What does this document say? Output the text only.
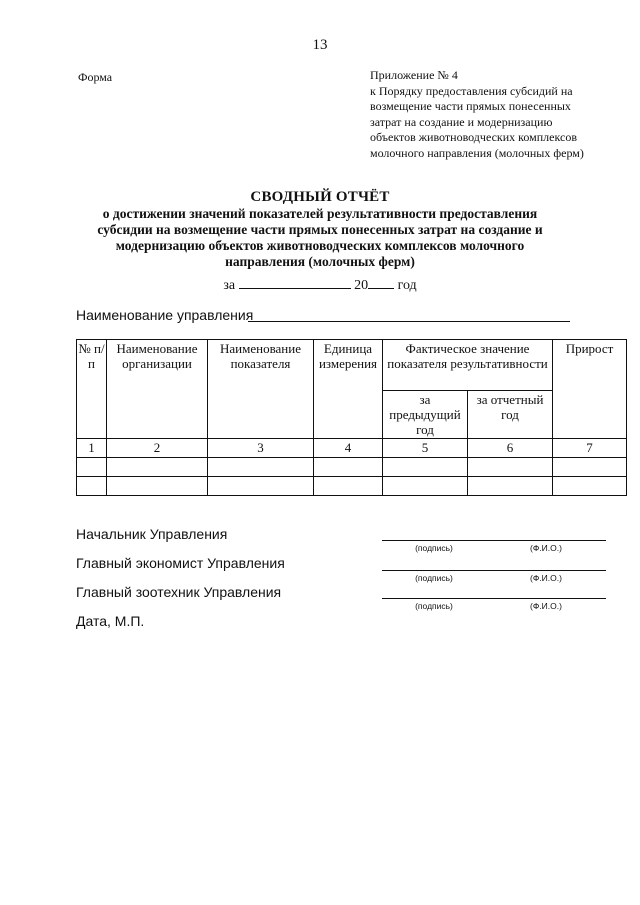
13
Форма	Приложение № 4
к Порядку предоставления субсидий на
возмещение части прямых понесенных
затрат на создание и модернизацию
объектов животноводческих комплексов
молочного направления (молочных ферм)
СВОДНЫЙ ОТЧЁТ
о достижении значений показателей результативности предоставления
субсидии на возмещение части прямых понесенных затрат на создание и
модернизацию объектов животноводческих комплексов молочного
направления (молочных ферм)
за	20 год
Наименование управления
№ п/п	Наименование организации	Наименование показателя	Единица измерения	Фактическое значение показателя результативности		Прирост
				за предыдущий год	за отчетный год	
1	2	3	4	5	6	7

Начальник Управления
(подпись)	(Ф.И.О.)
Главный экономист Управления
(подпись)	(Ф.И.О.)
Главный зоотехник Управления
(подпись)	(Ф.И.О.)
Дата, М.П.
